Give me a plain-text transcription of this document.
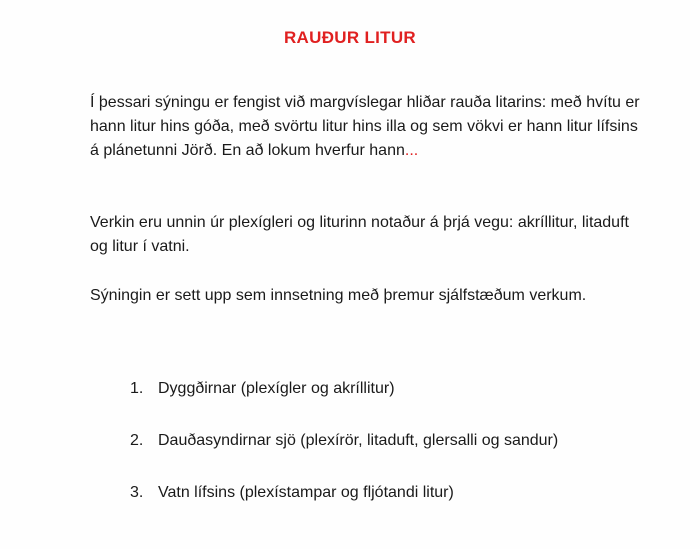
RAUÐUR LITUR

Í þessari sýningu er fengist við margvíslegar hliðar rauða litarins: með hvítu er hann litur hins góða, með svörtu litur hins illa og sem vökvi er hann litur lífsins á plánetunni Jörð. En að lokum hverfur hann...

Verkin eru unnin úr plexígleri og liturinn notaður á þrjá vegu: akríllitur, litaduft og litur í vatni.

Sýningin er sett upp sem innsetning með þremur sjálfstæðum verkum.

1. Dyggðirnar (plexígler og akríllitur)
2. Dauðasyndirnar sjö (plexírör, litaduft, glersalli og sandur)
3. Vatn lífsins (plexístampar og fljótandi litur)
